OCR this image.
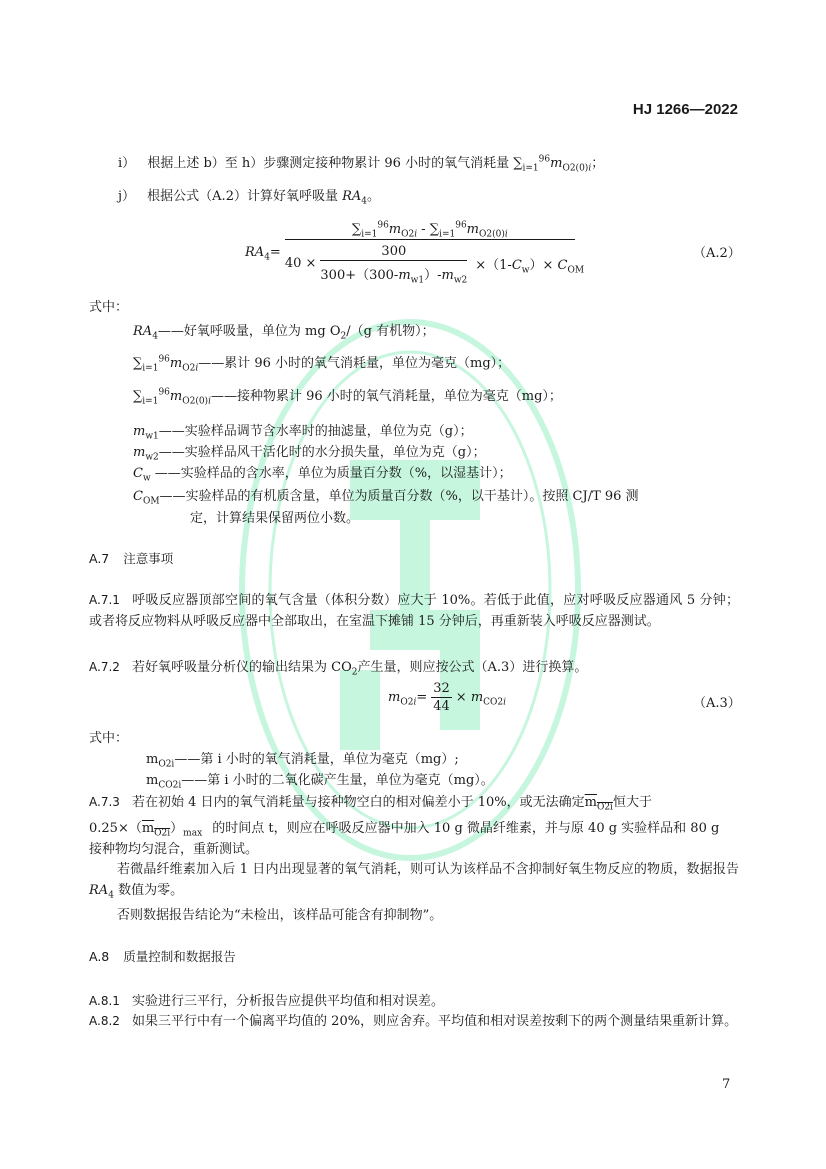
HJ 1266—2022
i） 根据上述 b）至 h）步骤测定接种物累计 96 小时的氧气消耗量 $\sum_{i=1}^{96}m_{O2(0)i}$；
j） 根据公式（A.2）计算好氧呼吸量 $RA_4$。
$RA_4=$
$\sum_{i=1}^{96}m_{O2i} - \sum_{i=1}^{96}m_{O2(0)i}$
$40 \times \frac{300}{300+(300-m_{w1})-m_{w2}} \times(1-C_w)\times C_{OM}$
（A.2）
式中：
$RA_4——$好氧呼吸量，单位为 mg $O_2/(g$ 有机物）；
$\sum_{i=1}^{96}m_{O2i}——$累计 96 小时的氧气消耗量，单位为毫克（mg）；
$\sum_{i=1}^{96}m_{O2(0)i}——$接种物累计 96 小时的氧气消耗量，单位为毫克（mg）；
$m_{w1}——$实验样品调节含水率时的抽滤量，单位为克（g）；
$m_{w2}——$实验样品风干活化时的水分损失量，单位为克（g）；
$C_w$ ——实验样品的含水率，单位为质量百分数（%，以湿基计）；
$C_{OM}——$实验样品的有机质含量，单位为质量百分数（%，以干基计）。按照 CJ/T 96 测
定，计算结果保留两位小数。
A.7 注意事项
A.7.1 呼吸反应器顶部空间的氧气含量（体积分数）应大于 10%。若低于此值，应对呼吸反应器通风 5 分钟；或者将反应物料从呼吸反应器中全部取出，在室温下摊铺 15 分钟后，再重新装入呼吸反应器测试。
A.7.2 若好氧呼吸量分析仪的输出结果为 $CO_2$产生量，则应按公式（A.3）进行换算。
$m_{O2i}= \frac{32}{44} \times m_{CO2i}$	（A.3）
式中：
$m_{O2i}——$第 i 小时的氧气消耗量，单位为毫克（mg）;
$m_{CO2i}——$第 i 小时的二氧化碳产生量，单位为毫克（mg）。
A.7.3 若在初始 4 日内的氧气消耗量与接种物空白的相对偏差小于 10%，或无法确定$m_{O2i}$恒大于
$0.25\times(m_{O2i})_{max}$ 的时间点 t，则应在呼吸反应器中加入 10 g 微晶纤维素，并与原 40 g 实验样品和 80 g
接种物均匀混合，重新测试。
若微晶纤维素加入后 1 日内出现显著的氧气消耗，则可认为该样品不含抑制好氧生物反应的物质，数据报告 $RA_4$ 数值为零。
否则数据报告结论为“未检出，该样品可能含有抑制物”。
A.8 质量控制和数据报告
A.8.1 实验进行三平行，分析报告应提供平均值和相对误差。
A.8.2 如果三平行中有一个偏离平均值的 20%，则应舍弃。平均值和相对误差按剩下的两个测量结果重新计算。
7
